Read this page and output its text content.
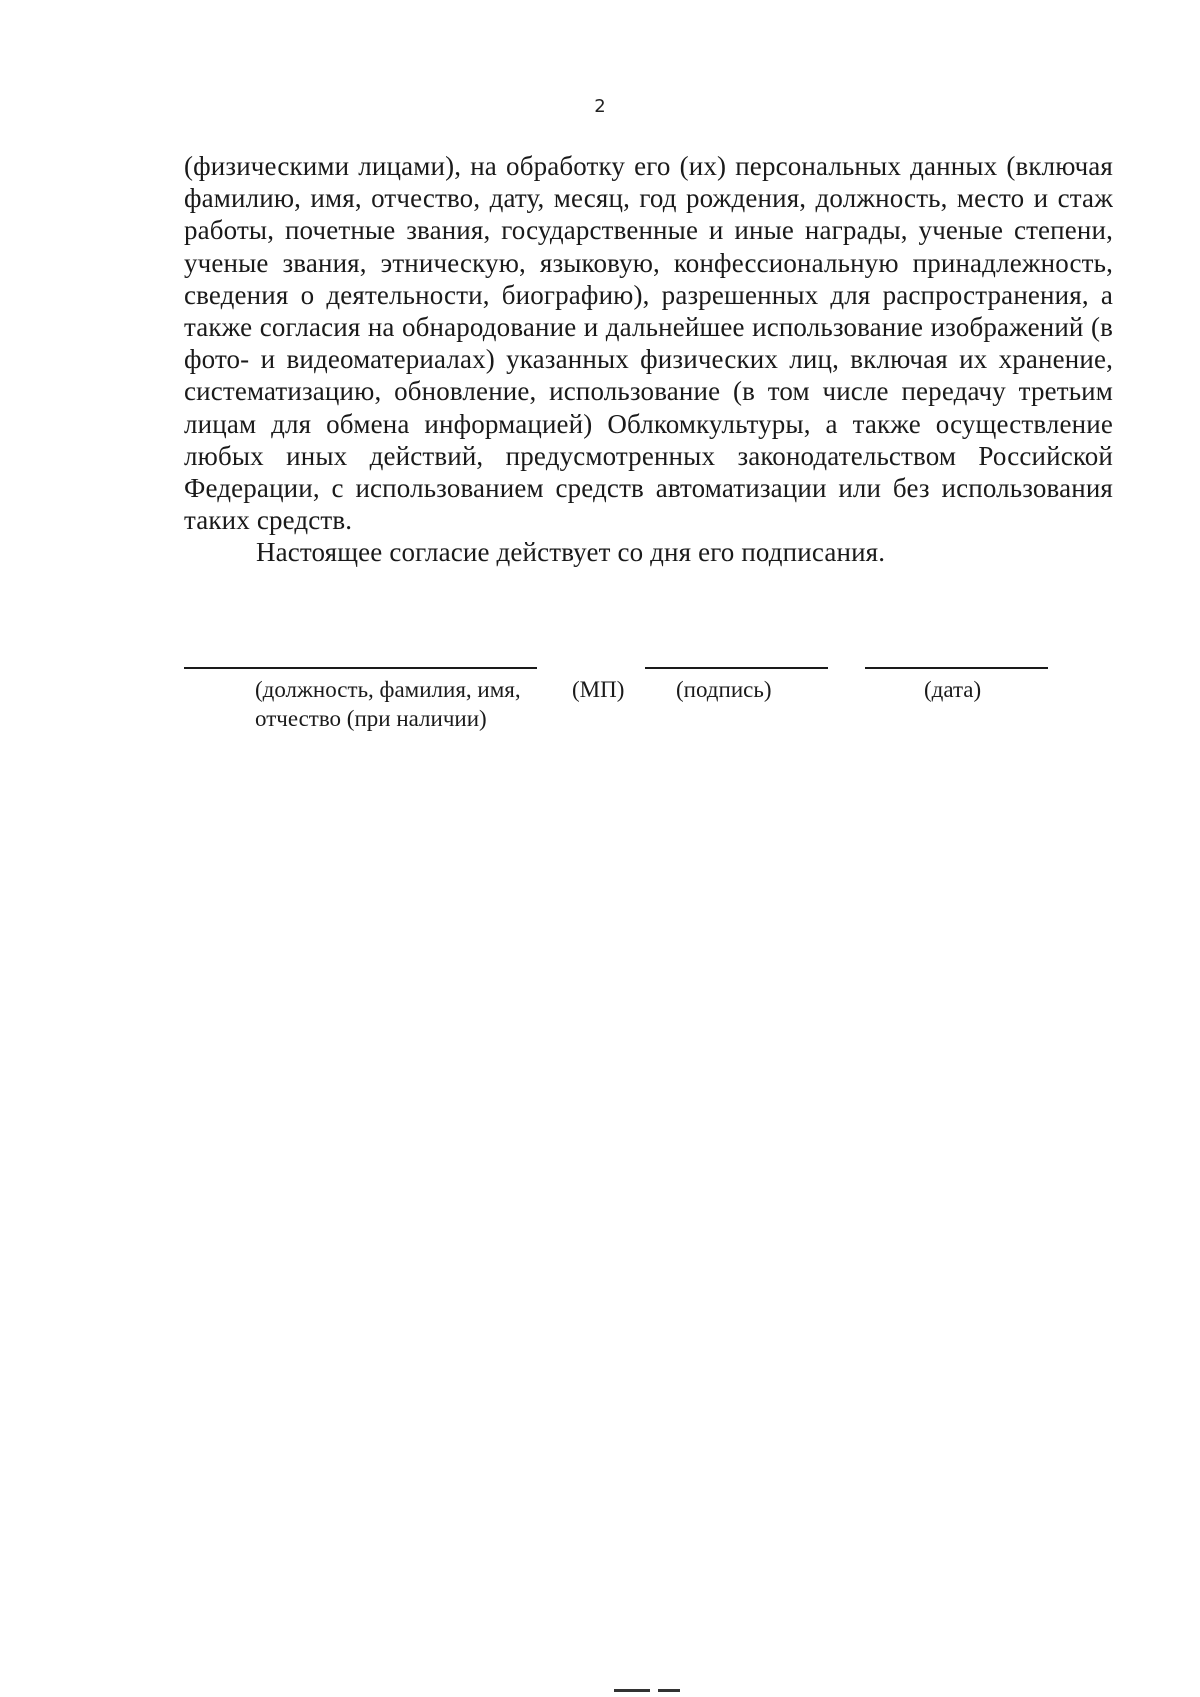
2

(физическими лицами), на обработку его (их) персональных данных (включая фамилию, имя, отчество, дату, месяц, год рождения, должность, место и стаж работы, почетные звания, государственные и иные награды, ученые степени, ученые звания, этническую, языковую, конфессиональную принадлежность, сведения о деятельности, биографию), разрешенных для распространения, а также согласия на обнародование и дальнейшее использование изображений (в фото- и видеоматериалах) указанных физических лиц, включая их хранение, систематизацию, обновление, использование (в том числе передачу третьим лицам для обмена информацией) Облкомкультуры, а также осуществление любых иных действий, предусмотренных законодательством Российской Федерации, с использованием средств автоматизации или без использования таких средств.

Настоящее согласие действует со дня его подписания.

(должность, фамилия, имя,
отчество (при наличии)
(МП) (подпись)	(дата)
